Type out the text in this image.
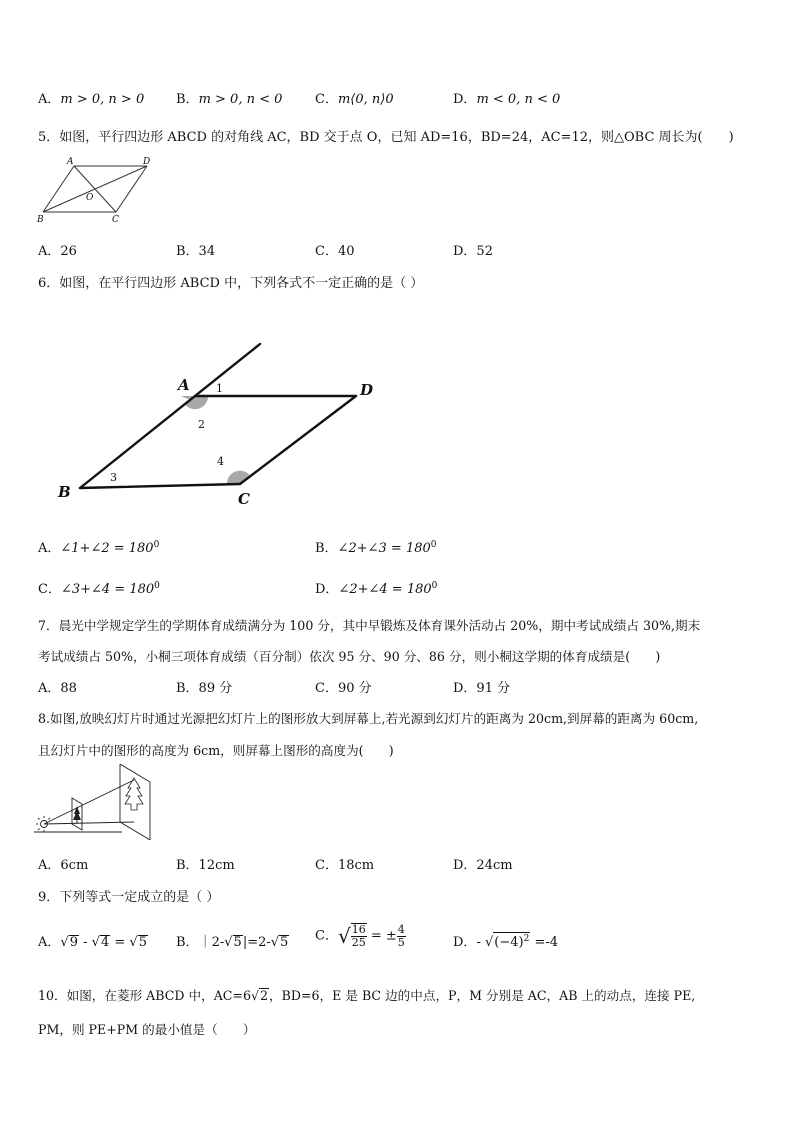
A．m > 0, n > 0 B．m > 0, n < 0	C．m⟨0, n⟩0	D．m < 0, n < 0
5．如图，平行四边形 ABCD 的对角线 AC，BD 交于点 O，已知 AD=16，BD=24，AC=12，则△OBC 周长为(　　)
A	D
O
B	C
A．26	B．34	C．40	D．52
6．如图，在平行四边形 ABCD 中，下列各式不一定正确的是（ ）
A	D
B	C
1
2
3
4
A．∠1+∠2 = $180^0$	B．∠2+∠3 = $180^0$
C．∠3+∠4 = $180^0$	D．∠2+∠4 = $180^0$
7．晨光中学规定学生的学期体育成绩满分为 100 分，其中早锻炼及体育课外活动占 20%，期中考试成绩占 30%,期末
考试成绩占 50%，小桐三项体育成绩（百分制）依次 95 分、90 分、86 分，则小桐这学期的体育成绩是(　　)
A．88	B．89 分	C．90 分	D．91 分
8.如图,放映幻灯片时通过光源把幻灯片上的图形放大到屏幕上,若光源到幻灯片的距离为 20cm,到屏幕的距离为 60cm,
且幻灯片中的图形的高度为 6cm，则屏幕上图形的高度为(　　)
A．6cm	B．12cm	C．18cm	D．24cm
9．下列等式一定成立的是（ ）
A．√9 - √4 = √5 B．｜2-√5|=2-√5 C．√ $\frac{16}{25}$ = ± $\frac{4}{5}$	D．- $√(-4)^2 =-4$
10．如图，在菱形 ABCD 中，AC=6√2，BD=6，E 是 BC 边的中点，P，M 分别是 AC，AB 上的动点，连接 PE,
PM，则 PE+PM 的最小值是（　　）
